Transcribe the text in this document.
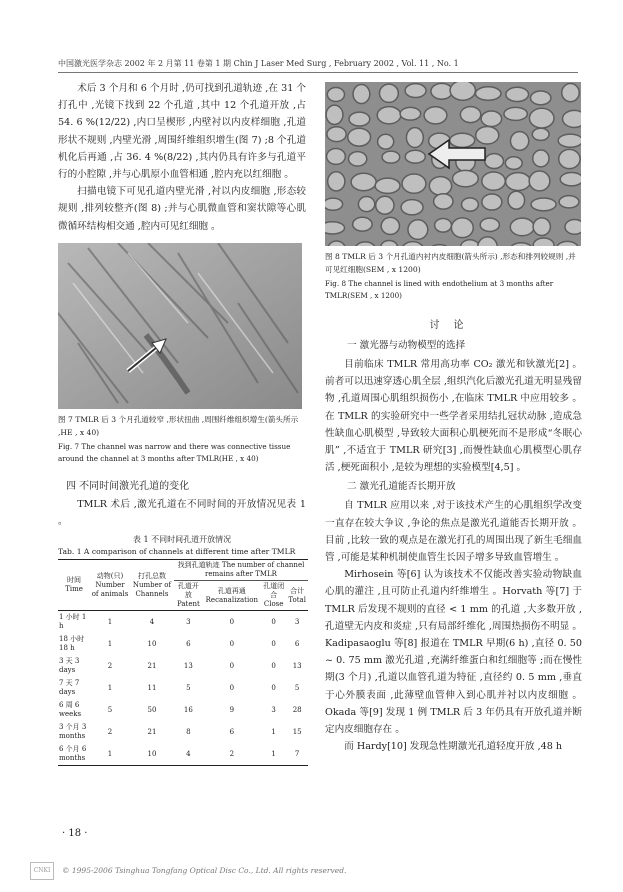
中国激光医学杂志 2002 年 2 月第 11 卷第 1 期 Chin J Laser Med Surg , February 2002 , Vol. 11 , No. 1

术后 3 个月和 6 个月时 ,仍可找到孔道轨迹 ,在 31 个打孔中 ,光镜下找到 22 个孔道 ,其中 12 个孔道开放 ,占 54. 6 %(12/22) ,内口呈楔形 ,内壁衬以内皮样细胞 ,孔道形状不规则 ,内壁光滑 ,周围纤维组织增生(图 7) ;8 个孔道机化后再通 ,占 36. 4 %(8/22) ,其内仍具有许多与孔道平行的小腔隙 ,并与心肌原小血管相通 ,腔内充以红细胞 。

扫描电镜下可见孔道内壁光滑 ,衬以内皮细胞 ,形态较规则 ,排列较整齐(图 8) ;并与心肌微血管和窦状隙等心肌微循环结构相交通 ,腔内可见红细胞 。

图 7 TMLR 后 3 个月孔道较窄 ,形状扭曲 ,周围纤维组织增生(箭头所示 ,HE , x 40)
Fig. 7 The channel was narrow and there was connective tissue around the channel at 3 months after TMLR(HE , x 40)
四 不同时间激光孔道的变化

TMLR 术后 ,激光孔道在不同时间的开放情况见表 1 。

表 1 不同时间孔道开放情况
Tab. 1 A comparison of channels at different time after TMLR
时间 Time	动物(只) Number of animals	打孔总数 Number of Channels	找到孔道轨迹 The number of channel remains after TMLR			
			孔道开放 Patent	孔道再通 Recanalization	孔道闭合 Close	合计 Total
1 小时 1 h	1	4	3	0	0	3
18 小时 18 h	1	10	6	0	0	6
3 天 3 days	2	21	13	0	0	13
7 天 7 days	1	11	5	0	0	5
6 周 6 weeks	5	50	16	9	3	28
3 个月 3 months	2	21	8	6	1	15
6 个月 6 months	1	10	4	2	1	7
图 8 TMLR 后 3 个月孔道内衬内皮细胞(箭头所示) ,形态和排列较规则 ,并可见红细胞(SEM , x 1200)
Fig. 8 The channel is lined with endothelium at 3 months after TMLR(SEM , x 1200)
讨论
一 激光器与动物模型的选择

目前临床 TMLR 常用高功率 CO₂ 激光和钬激光[2] 。前者可以迅速穿透心肌全层 ,组织汽化后激光孔道无明显残留物 ,孔道周围心肌组织损伤小 ,在临床 TMLR 中应用较多 。在 TMLR 的实验研究中一些学者采用结扎冠状动脉 ,造成急性缺血心肌模型 ,导致较大面积心肌梗死而不是形成“冬眠心肌” ,不适宜于 TMLR 研究[3] ,而慢性缺血心肌模型心肌存活 ,梗死面积小 ,是较为理想的实验模型[4,5] 。

二 激光孔道能否长期开放

自 TMLR 应用以来 ,对于该技术产生的心肌组织学改变一直存在较大争议 ,争论的焦点是激光孔道能否长期开放 。目前 ,比较一致的观点是在激光打孔的周围出现了新生毛细血管 ,可能是某种机制使血管生长因子增多导致血管增生 。

Mirhosein 等[6] 认为该技术不仅能改善实验动物缺血心肌的灌注 ,且可防止孔道内纤维增生 。Horvath 等[7] 于 TMLR 后发现不规则的直径 < 1 mm 的孔道 ,大多数开放 ,孔道壁无内皮和炎症 ,只有局部纤维化 ,周围热损伤不明显 。Kadipasaoglu 等[8] 报道在 TMLR 早期(6 h) ,直径 0. 50 ~ 0. 75 mm 激光孔道 ,充满纤维蛋白和红细胞等 ;而在慢性期(3 个月) ,孔道以血管孔道为特征 ,直径约 0. 5 mm ,垂直于心外膜表面 ,此薄壁血管伸入到心肌并衬以内皮细胞 。Okada 等[9] 发现 1 例 TMLR 后 3 年仍具有开放孔道并断定内皮细胞存在 。

而 Hardy[10] 发现急性期激光孔道轻度开放 ,48 h

· 18 ·
CNKI	© 1995-2006 Tsinghua Tongfang Optical Disc Co., Ltd. All rights reserved.
